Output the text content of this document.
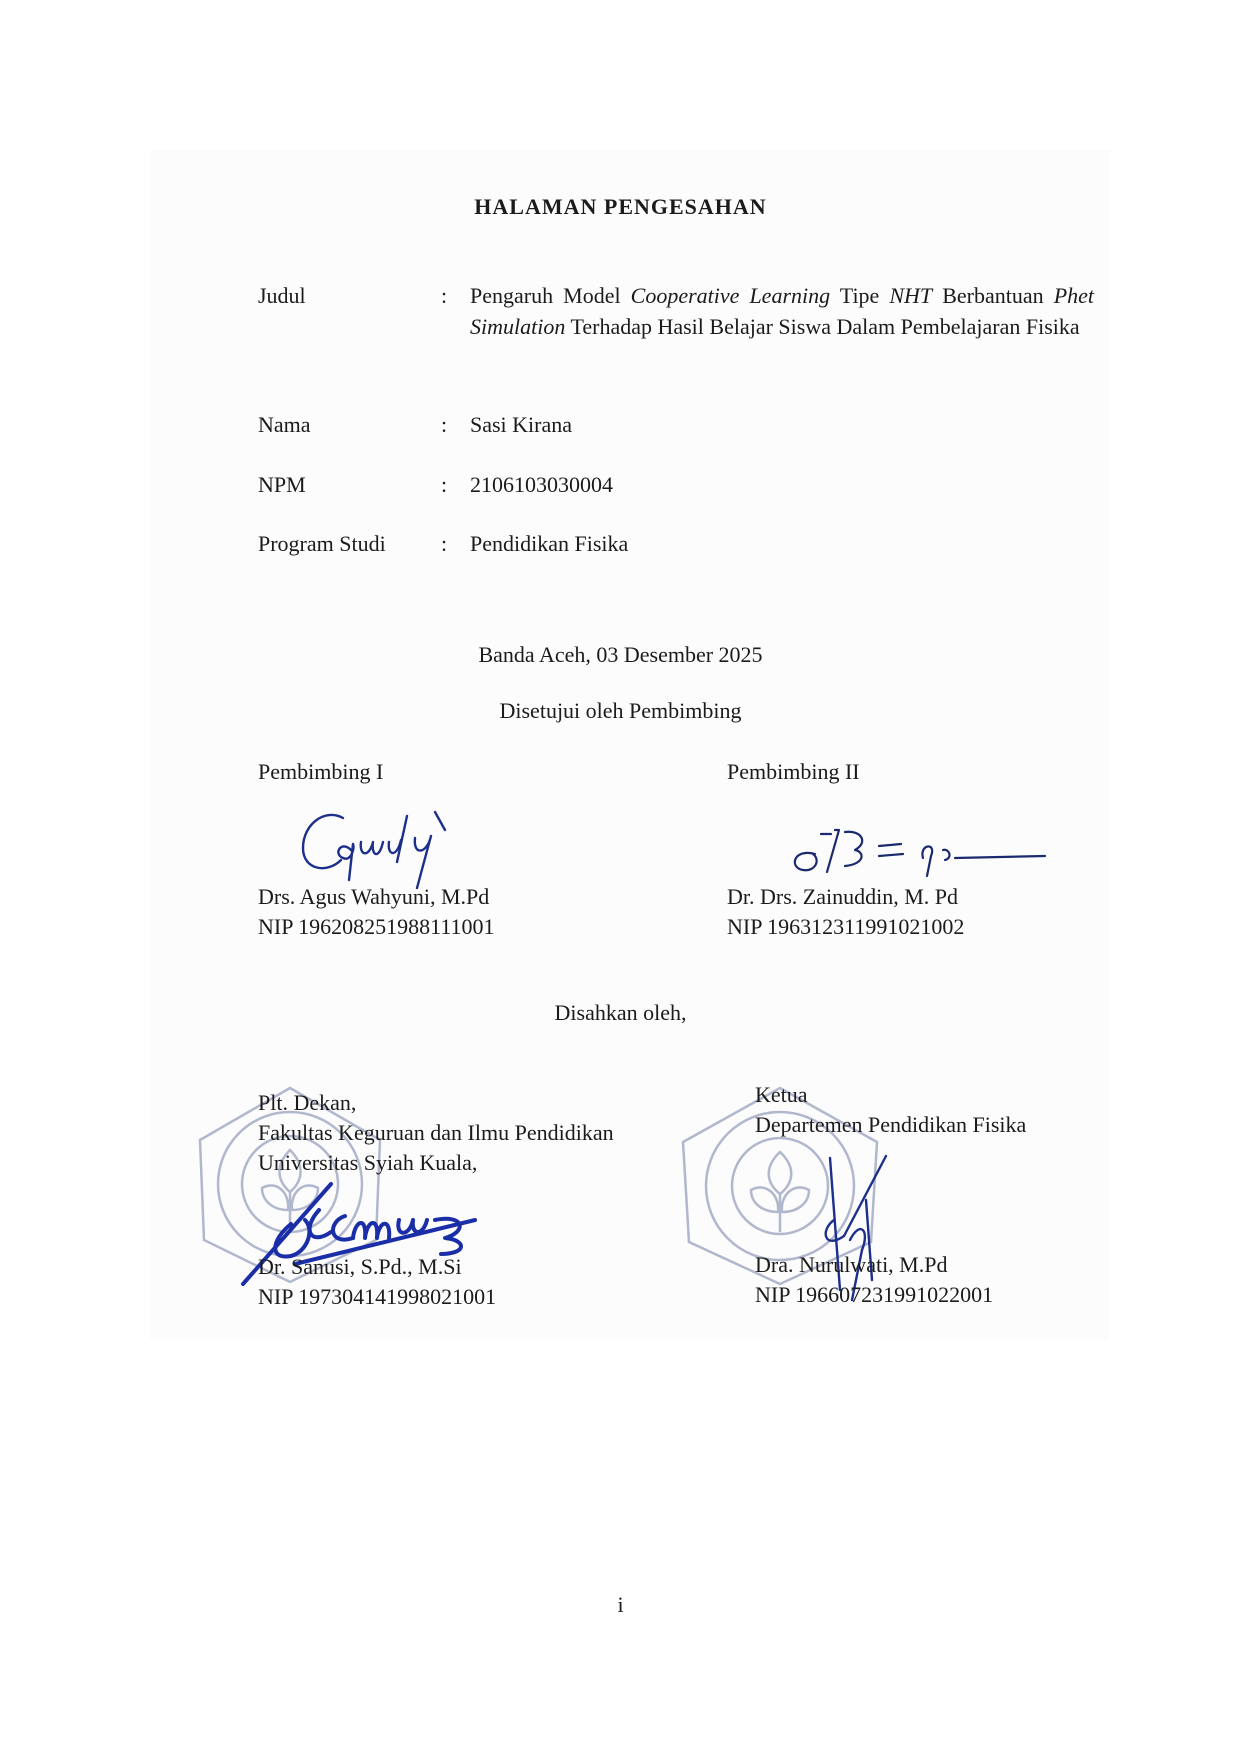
HALAMAN PENGESAHAN
Judul	: Pengaruh Model Cooperative Learning Tipe NHT Berbantuan Phet Simulation Terhadap Hasil Belajar Siswa Dalam Pembelajaran Fisika
Nama	: Sasi Kirana
NPM	: 2106103030004
Program Studi	: Pendidikan Fisika
Banda Aceh, 03 Desember 2025
Disetujui oleh Pembimbing
Pembimbing I
Drs. Agus Wahyuni, M.Pd
NIP 196208251988111001
Pembimbing II
Dr. Drs. Zainuddin, M. Pd
NIP 196312311991021002
Disahkan oleh,
Plt. Dekan,
Fakultas Keguruan dan Ilmu Pendidikan
Universitas Syiah Kuala,
Dr. Sanusi, S.Pd., M.Si
NIP 197304141998021001
Ketua
Departemen Pendidikan Fisika
Dra. Nurulwati, M.Pd
NIP 196607231991022001
i
